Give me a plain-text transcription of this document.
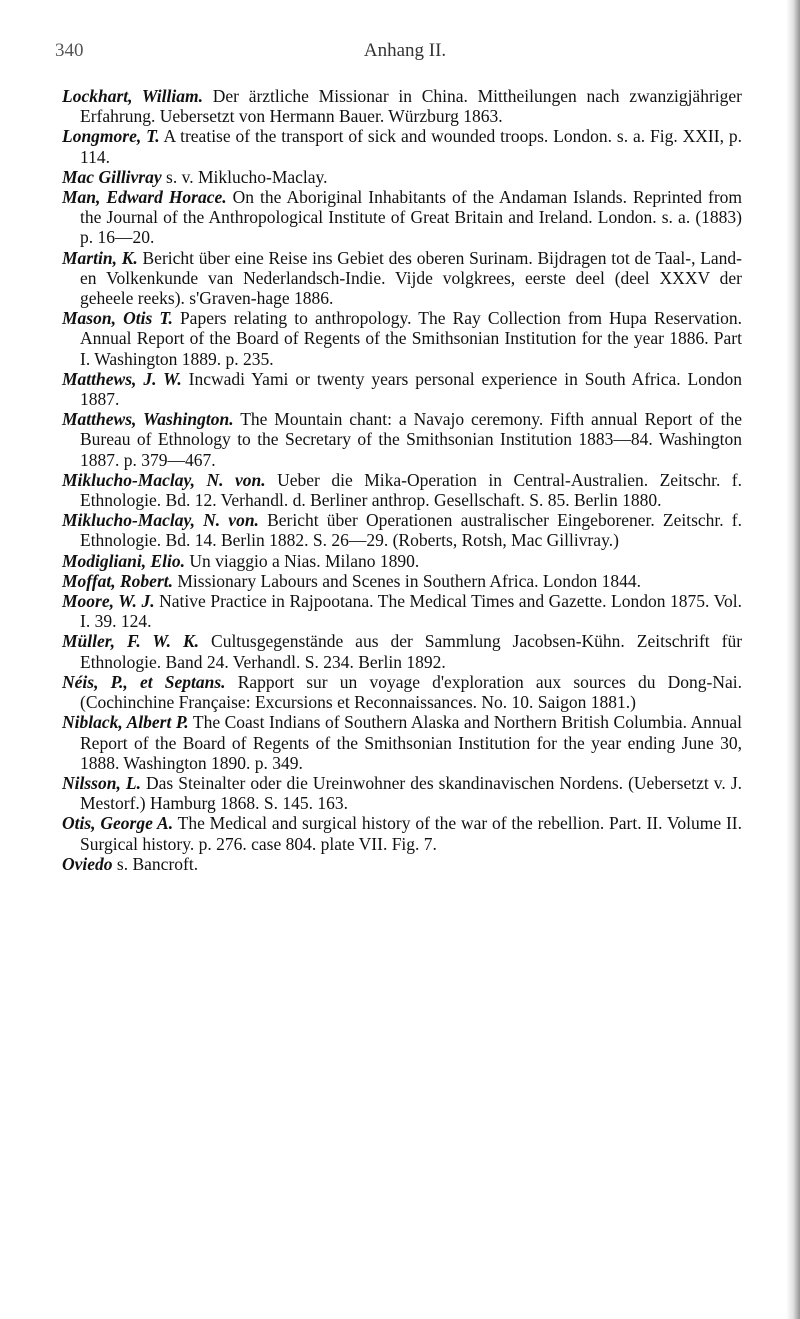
340	Anhang II.

Lockhart, William. Der ärztliche Missionar in China. Mittheilungen nach zwanzigjähriger Erfahrung. Uebersetzt von Hermann Bauer. Würzburg 1863.

Longmore, T. A treatise of the transport of sick and wounded troops. London. s. a. Fig. XXII, p. 114.

Mac Gillivray s. v. Miklucho-Maclay.

Man, Edward Horace. On the Aboriginal Inhabitants of the Andaman Islands. Reprinted from the Journal of the Anthropological Institute of Great Britain and Ireland. London. s. a. (1883) p. 16—20.

Martin, K. Bericht über eine Reise ins Gebiet des oberen Surinam. Bijdragen tot de Taal-, Land- en Volkenkunde van Nederlandsch-Indie. Vijde volgkrees, eerste deel (deel XXXV der geheele reeks). s'Graven-hage 1886.

Mason, Otis T. Papers relating to anthropology. The Ray Collection from Hupa Reservation. Annual Report of the Board of Regents of the Smithsonian Institution for the year 1886. Part I. Washington 1889. p. 235.

Matthews, J. W. Incwadi Yami or twenty years personal experience in South Africa. London 1887.

Matthews, Washington. The Mountain chant: a Navajo ceremony. Fifth annual Report of the Bureau of Ethnology to the Secretary of the Smithsonian Institution 1883—84. Washington 1887. p. 379—467.

Miklucho-Maclay, N. von. Ueber die Mika-Operation in Central-Australien. Zeitschr. f. Ethnologie. Bd. 12. Verhandl. d. Berliner anthrop. Gesellschaft. S. 85. Berlin 1880.

Miklucho-Maclay, N. von. Bericht über Operationen australischer Eingeborener. Zeitschr. f. Ethnologie. Bd. 14. Berlin 1882. S. 26—29. (Roberts, Rotsh, Mac Gillivray.)

Modigliani, Elio. Un viaggio a Nias. Milano 1890.

Moffat, Robert. Missionary Labours and Scenes in Southern Africa. London 1844.

Moore, W. J. Native Practice in Rajpootana. The Medical Times and Gazette. London 1875. Vol. I. 39. 124.

Müller, F. W. K. Cultusgegenstände aus der Sammlung Jacobsen-Kühn. Zeitschrift für Ethnologie. Band 24. Verhandl. S. 234. Berlin 1892.

Néis, P., et Septans. Rapport sur un voyage d'exploration aux sources du Dong-Nai. (Cochinchine Française: Excursions et Reconnaissances. No. 10. Saigon 1881.)

Niblack, Albert P. The Coast Indians of Southern Alaska and Northern British Columbia. Annual Report of the Board of Regents of the Smithsonian Institution for the year ending June 30, 1888. Washington 1890. p. 349.

Nilsson, L. Das Steinalter oder die Ureinwohner des skandinavischen Nordens. (Uebersetzt v. J. Mestorf.) Hamburg 1868. S. 145. 163.

Otis, George A. The Medical and surgical history of the war of the rebellion. Part. II. Volume II. Surgical history. p. 276. case 804. plate VII. Fig. 7.

Oviedo s. Bancroft.
